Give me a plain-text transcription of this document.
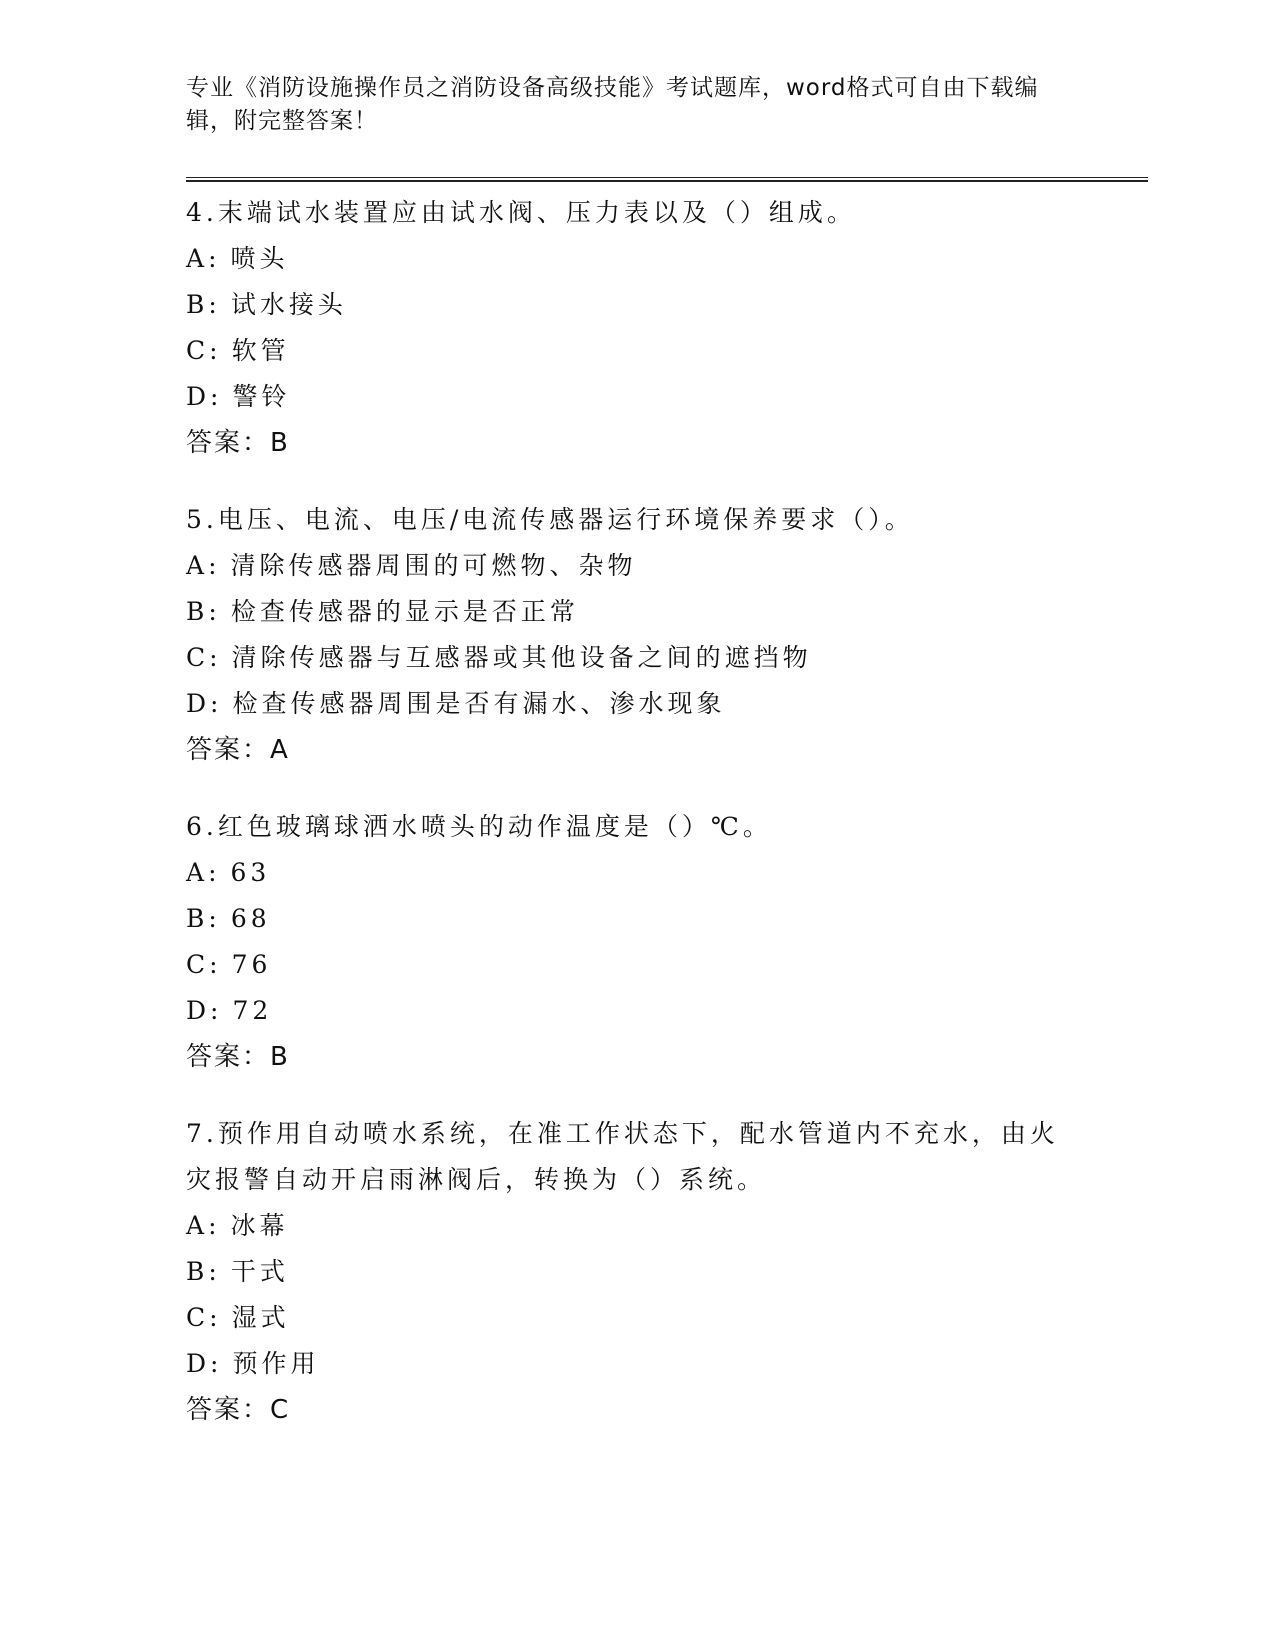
专业《消防设施操作员之消防设备高级技能》考试题库，word格式可自由下载编
辑，附完整答案！
4.末端试水装置应由试水阀、压力表以及（）组成。
A: 喷头
B: 试水接头
C: 软管
D: 警铃
答案：B
5.电压、电流、电压/电流传感器运行环境保养要求（）。
A: 清除传感器周围的可燃物、杂物
B: 检查传感器的显示是否正常
C: 清除传感器与互感器或其他设备之间的遮挡物
D: 检查传感器周围是否有漏水、渗水现象
答案：A
6.红色玻璃球洒水喷头的动作温度是（）℃。
A: 63
B: 68
C: 76
D: 72
答案：B
7.预作用自动喷水系统，在准工作状态下，配水管道内不充水，由火灾报警自动开启雨淋阀后，转换为（）系统。
A: 冰幕
B: 干式
C: 湿式
D: 预作用
答案：C
